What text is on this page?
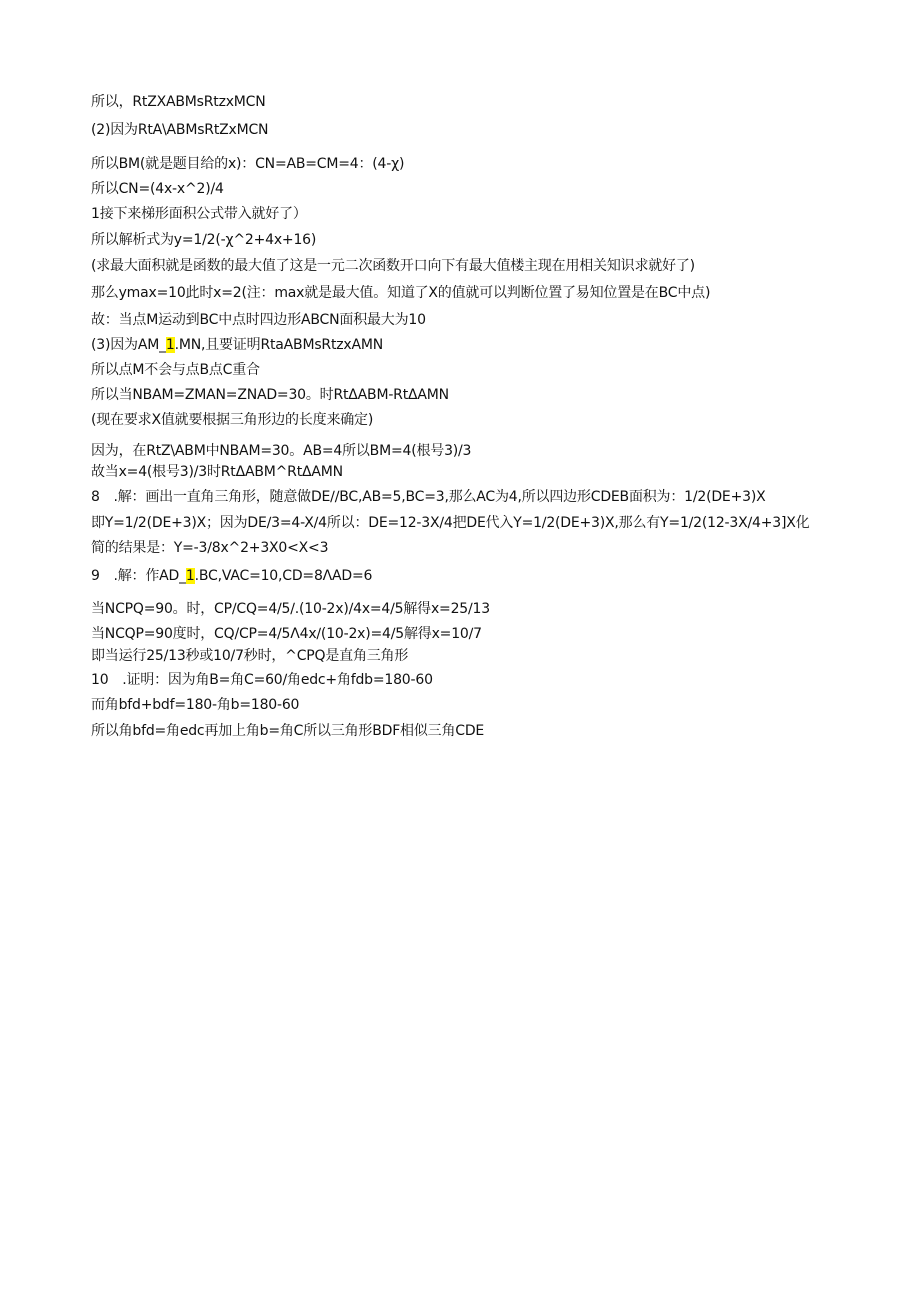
所以，RtZXABMsRtzxMCN
(2)因为RtA\ABMsRtZxMCN
所以BM(就是题目给的x)：CN=AB=CM=4：(4-χ)
所以CN=(4x-x^2)/4
1接下来梯形面积公式带入就好了）
所以解析式为y=1∕2(-χ^2+4x+16)
(求最大面积就是函数的最大值了这是一元二次函数开口向下有最大值楼主现在用相关知识求就好了)
那么ymax=10此时x=2(注：max就是最大值。知道了X的值就可以判断位置了易知位置是在BC中点)
故：当点M运动到BC中点时四边形ABCN面积最大为10
(3)因为AM_1.MN,且要证明RtaABMsRtzxAMN
所以点M不会与点B点C重合
所以当NBAM=ZMAN=ZNAD=30。时RtΔABM-RtΔAMN
(现在要求X值就要根据三角形边的长度来确定)
因为，在RtZ\ABM中NBAM=30。AB=4所以BM=4(根号3)/3
故当x=4(根号3)/3时RtΔABM^RtΔAMN
8　.解：画出一直角三角形，随意做DE∕∕BC,AB=5,BC=3,那么AC为4,所以四边形CDEB面积为：1/2(DE+3)X
即Y=1∕2(DE+3)X；因为DE∕3=4-X∕4所以：DE=12-3X∕4把DE代入Y=1∕2(DE+3)X,那么有Y=1∕2(12-3X∕4+3]X化
简的结果是：Y=-3∕8x^2+3X0<X<3
9　.解：作AD_1.BC,VAC=10,CD=8ΛAD=6
当NCPQ=90。时，CP∕CQ=4∕5∕.(10-2x)∕4x=4∕5解得x=25∕13
当NCQP=90度时，CQ/CP=4∕5Λ4x∕(10-2x)=4∕5解得x=10∕7
即当运行25/13秒或10/7秒时，^CPQ是直角三角形
10　.证明：因为角B=角C=60∕角edc+角fdb=180-60
而角bfd+bdf=180-角b=180-60
所以角bfd=角edc再加上角b=角C所以三角形BDF相似三角CDE
